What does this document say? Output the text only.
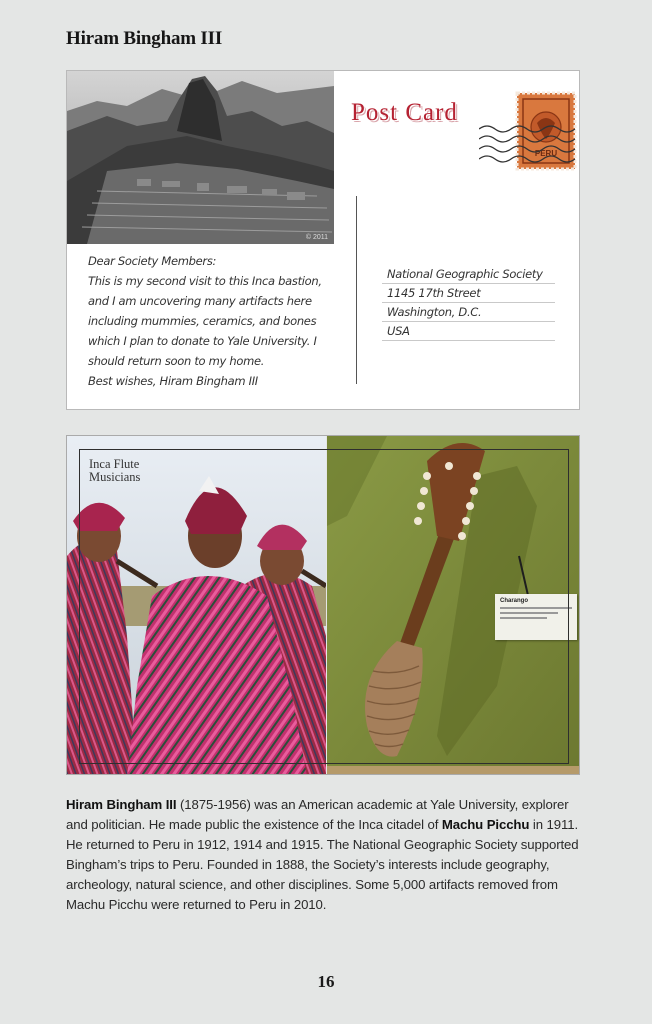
Hiram Bingham III
© 2011
Post Card
PERU
Dear Society Members:
This is my second visit to this Inca bastion,
and I am uncovering many artifacts here
including mummies, ceramics, and bones
which I plan to donate to Yale University. I
should return soon to my home.
Best wishes, Hiram Bingham III
National Geographic Society
1145 17th Street
Washington, D.C.
USA
Charango
Inca Flute
Musicians

Hiram Bingham III (1875-1956) was an American academic at Yale University, explorer and politician. He made public the existence of the Inca citadel of Machu Picchu in 1911. He returned to Peru in 1912, 1914 and 1915. The National Geographic Society supported Bingham’s trips to Peru. Founded in 1888, the Society’s interests include geography, archeology, natural science, and other disciplines. Some 5,000 artifacts removed from Machu Picchu were returned to Peru in 2010.

16
